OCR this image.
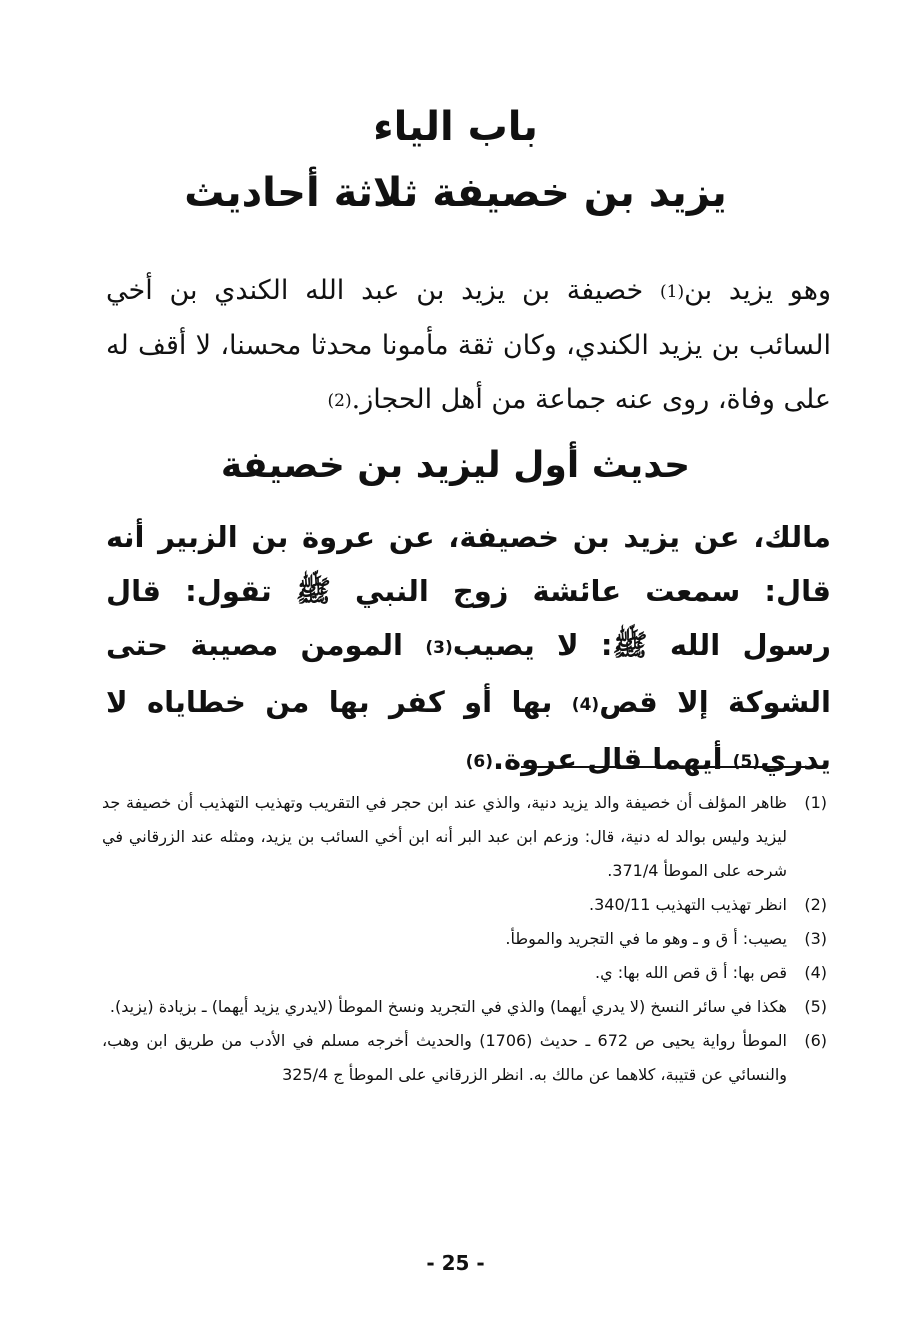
باب الياء
يزيد بن خصيفة ثلاثة أحاديث
وهو يزيد بن(1) خصيفة بن يزيد بن عبد الله الكندي بن أخي السائب بن يزيد الكندي، وكان ثقة مأمونا محدثا محسنا، لا أقف له على وفاة، روى عنه جماعة من أهل الحجاز.(2)
حديث أول ليزيد بن خصيفة
مالك، عن يزيد بن خصيفة، عن عروة بن الزبير أنه قال: سمعت عائشة زوج النبي ﷺ تقول: قال رسول الله ﷺ: لا يصيب(3) المومن مصيبة حتى الشوكة إلا قص(4) بها أو كفر بها من خطاياه لا يدري(5) أيهما قال عروة.(6)
(1)
ظاهر المؤلف أن خصيفة والد يزيد دنية، والذي عند ابن حجر في التقريب وتهذيب التهذيب أن خصيفة جد ليزيد وليس بوالد له دنية، قال: وزعم ابن عبد البر أنه ابن أخي السائب بن يزيد، ومثله عند الزرقاني في شرحه على الموطأ 371/4.
(2)
انظر تهذيب التهذيب 340/11.
(3)
يصيب: أ ق و ـ وهو ما في التجريد والموطأ.
(4)
قص بها: أ ق قص الله بها: ي.
(5)
هكذا في سائر النسخ (لا يدري أيهما) والذي في التجريد ونسخ الموطأ (لايدري يزيد أيهما) ـ بزيادة (يزيد).
(6)
الموطأ رواية يحيى ص 672 ـ حديث (1706) والحديث أخرجه مسلم في الأدب من طريق ابن وهب، والنسائي عن قتيبة، كلاهما عن مالك به. انظر الزرقاني على الموطأ ج 325/4
- 25 -
